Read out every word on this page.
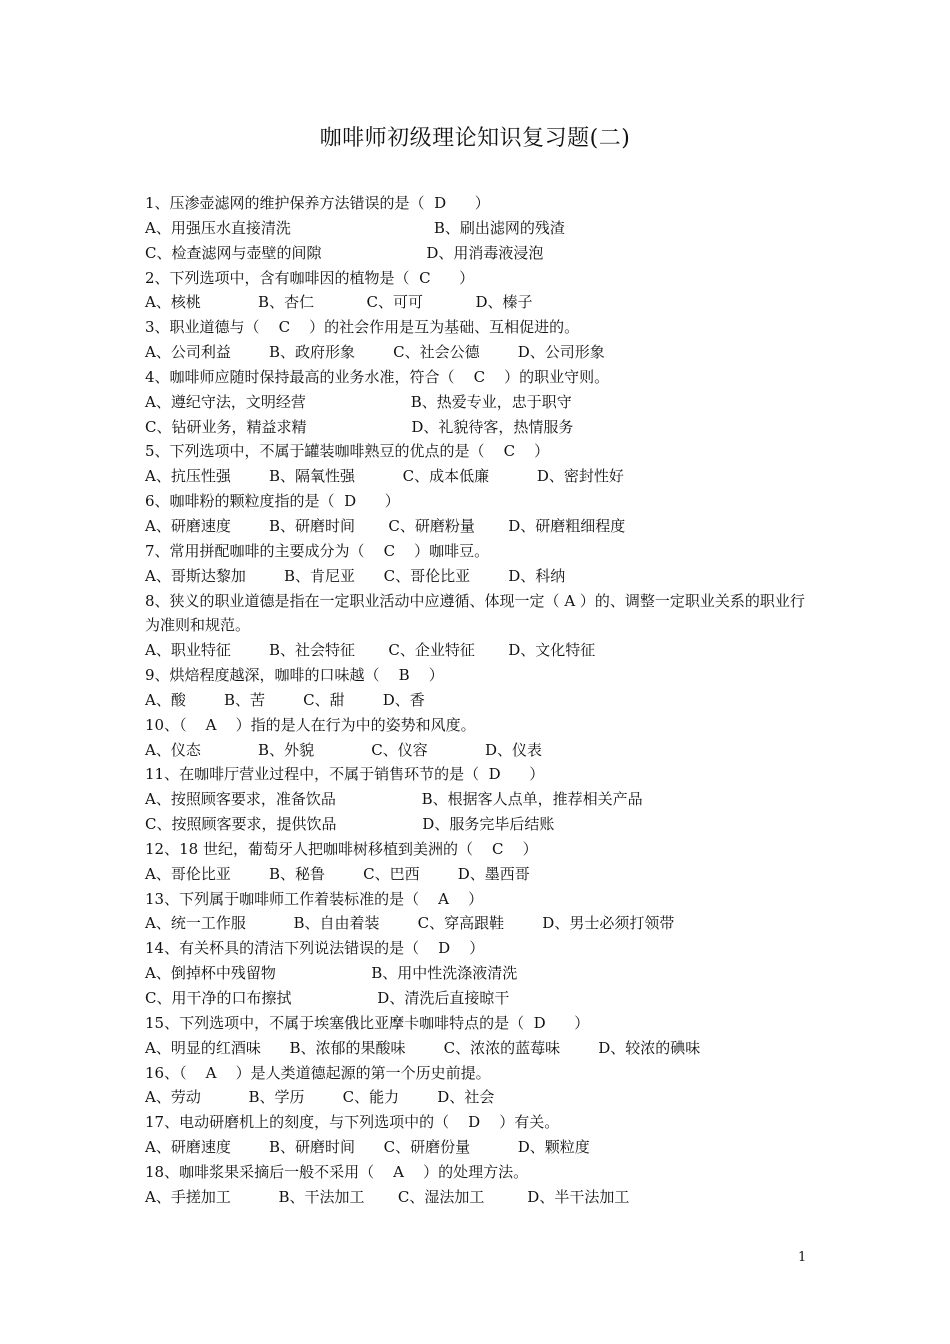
咖啡师初级理论知识复习题(二)
1、压渗壶滤网的维护保养方法错误的是（  D      ）
A、用强压水直接清洗                              B、刷出滤网的残渣
C、检查滤网与壶壁的间隙                      D、用消毒液浸泡
2、下列选项中，含有咖啡因的植物是（  C      ）
A、核桃            B、杏仁           C、可可           D、榛子
3、职业道德与（    C    ）的社会作用是互为基础、互相促进的。
A、公司利益        B、政府形象        C、社会公德        D、公司形象
4、咖啡师应随时保持最高的业务水准，符合（    C    ）的职业守则。
A、遵纪守法，文明经营                      B、热爱专业，忠于职守
C、钻研业务，精益求精                      D、礼貌待客，热情服务
5、下列选项中，不属于罐装咖啡熟豆的优点的是（    C    ）
A、抗压性强        B、隔氧性强          C、成本低廉          D、密封性好
6、咖啡粉的颗粒度指的是（  D      ）
A、研磨速度        B、研磨时间       C、研磨粉量       D、研磨粗细程度
7、常用拼配咖啡的主要成分为（    C    ）咖啡豆。
A、哥斯达黎加        B、肯尼亚      C、哥伦比亚        D、科纳
8、狭义的职业道德是指在一定职业活动中应遵循、体现一定（ A ）的、调整一定职业关系的职业行为准则和规范。
A、职业特征        B、社会特征       C、企业特征       D、文化特征
9、烘焙程度越深，咖啡的口味越（    B    ）
A、酸        B、苦        C、甜        D、香
10、（    A    ）指的是人在行为中的姿势和风度。
A、仪态            B、外貌            C、仪容            D、仪表
11、在咖啡厅营业过程中，不属于销售环节的是（  D      ）
A、按照顾客要求，准备饮品                  B、根据客人点单，推荐相关产品
C、按照顾客要求，提供饮品                  D、服务完毕后结账
12、18 世纪，葡萄牙人把咖啡树移植到美洲的（    C    ）
A、哥伦比亚        B、秘鲁        C、巴西        D、墨西哥
13、下列属于咖啡师工作着装标准的是（    A    ）
A、统一工作服          B、自由着装        C、穿高跟鞋        D、男士必须打领带
14、有关杯具的清洁下列说法错误的是（    D    ）
A、倒掉杯中残留物                    B、用中性洗涤液清洗
C、用干净的口布擦拭                  D、清洗后直接晾干
15、下列选项中，不属于埃塞俄比亚摩卡咖啡特点的是（  D      ）
A、明显的红酒味      B、浓郁的果酸味        C、浓浓的蓝莓味        D、较浓的碘味
16、（    A    ）是人类道德起源的第一个历史前提。
A、劳动          B、学历        C、能力        D、社会
17、电动研磨机上的刻度，与下列选项中的（    D    ）有关。
A、研磨速度        B、研磨时间      C、研磨份量          D、颗粒度
18、咖啡浆果采摘后一般不采用（    A    ）的处理方法。
A、手搓加工          B、干法加工       C、湿法加工         D、半干法加工
1
